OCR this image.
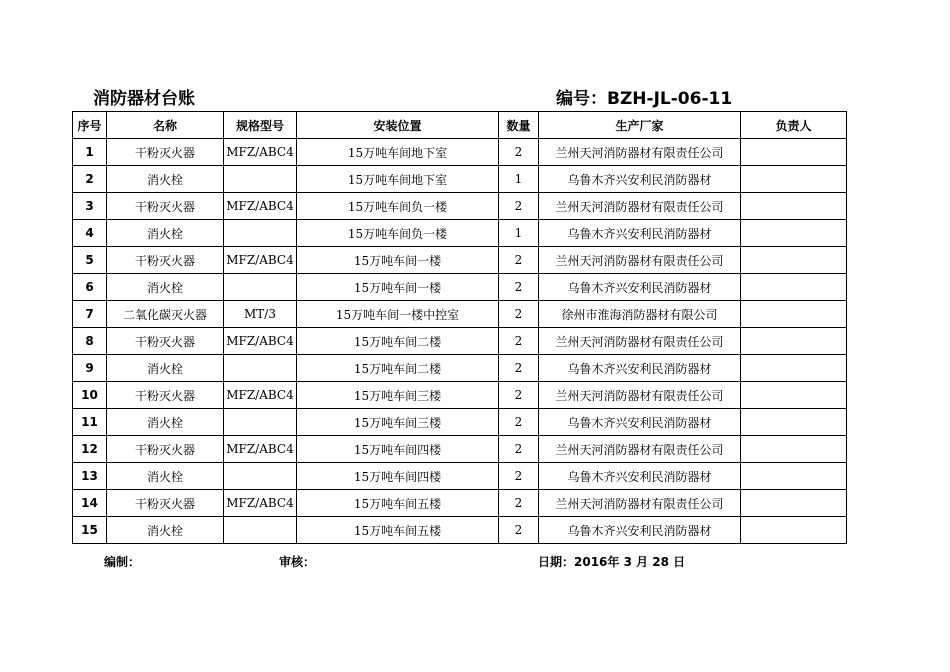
消防器材台账	编号：BZH-JL-06-11
序号	名称	规格型号	安装位置	数量	生产厂家	负责人
1	干粉灭火器	MFZ/ABC4	15万吨车间地下室	2	兰州天河消防器材有限责任公司	
2	消火栓		15万吨车间地下室	1	乌鲁木齐兴安利民消防器材	
3	干粉灭火器	MFZ/ABC4	15万吨车间负一楼	2	兰州天河消防器材有限责任公司	
4	消火栓		15万吨车间负一楼	1	乌鲁木齐兴安利民消防器材	
5	干粉灭火器	MFZ/ABC4	15万吨车间一楼	2	兰州天河消防器材有限责任公司	
6	消火栓		15万吨车间一楼	2	乌鲁木齐兴安利民消防器材	
7	二氧化碳灭火器	MT/3	15万吨车间一楼中控室	2	徐州市淮海消防器材有限公司	
8	干粉灭火器	MFZ/ABC4	15万吨车间二楼	2	兰州天河消防器材有限责任公司	
9	消火栓		15万吨车间二楼	2	乌鲁木齐兴安利民消防器材	
10	干粉灭火器	MFZ/ABC4	15万吨车间三楼	2	兰州天河消防器材有限责任公司	
11	消火栓		15万吨车间三楼	2	乌鲁木齐兴安利民消防器材	
12	干粉灭火器	MFZ/ABC4	15万吨车间四楼	2	兰州天河消防器材有限责任公司	
13	消火栓		15万吨车间四楼	2	乌鲁木齐兴安利民消防器材	
14	干粉灭火器	MFZ/ABC4	15万吨车间五楼	2	兰州天河消防器材有限责任公司	
15	消火栓		15万吨车间五楼	2	乌鲁木齐兴安利民消防器材	
编制：	审核：	日期：2016年 3 月 28 日
